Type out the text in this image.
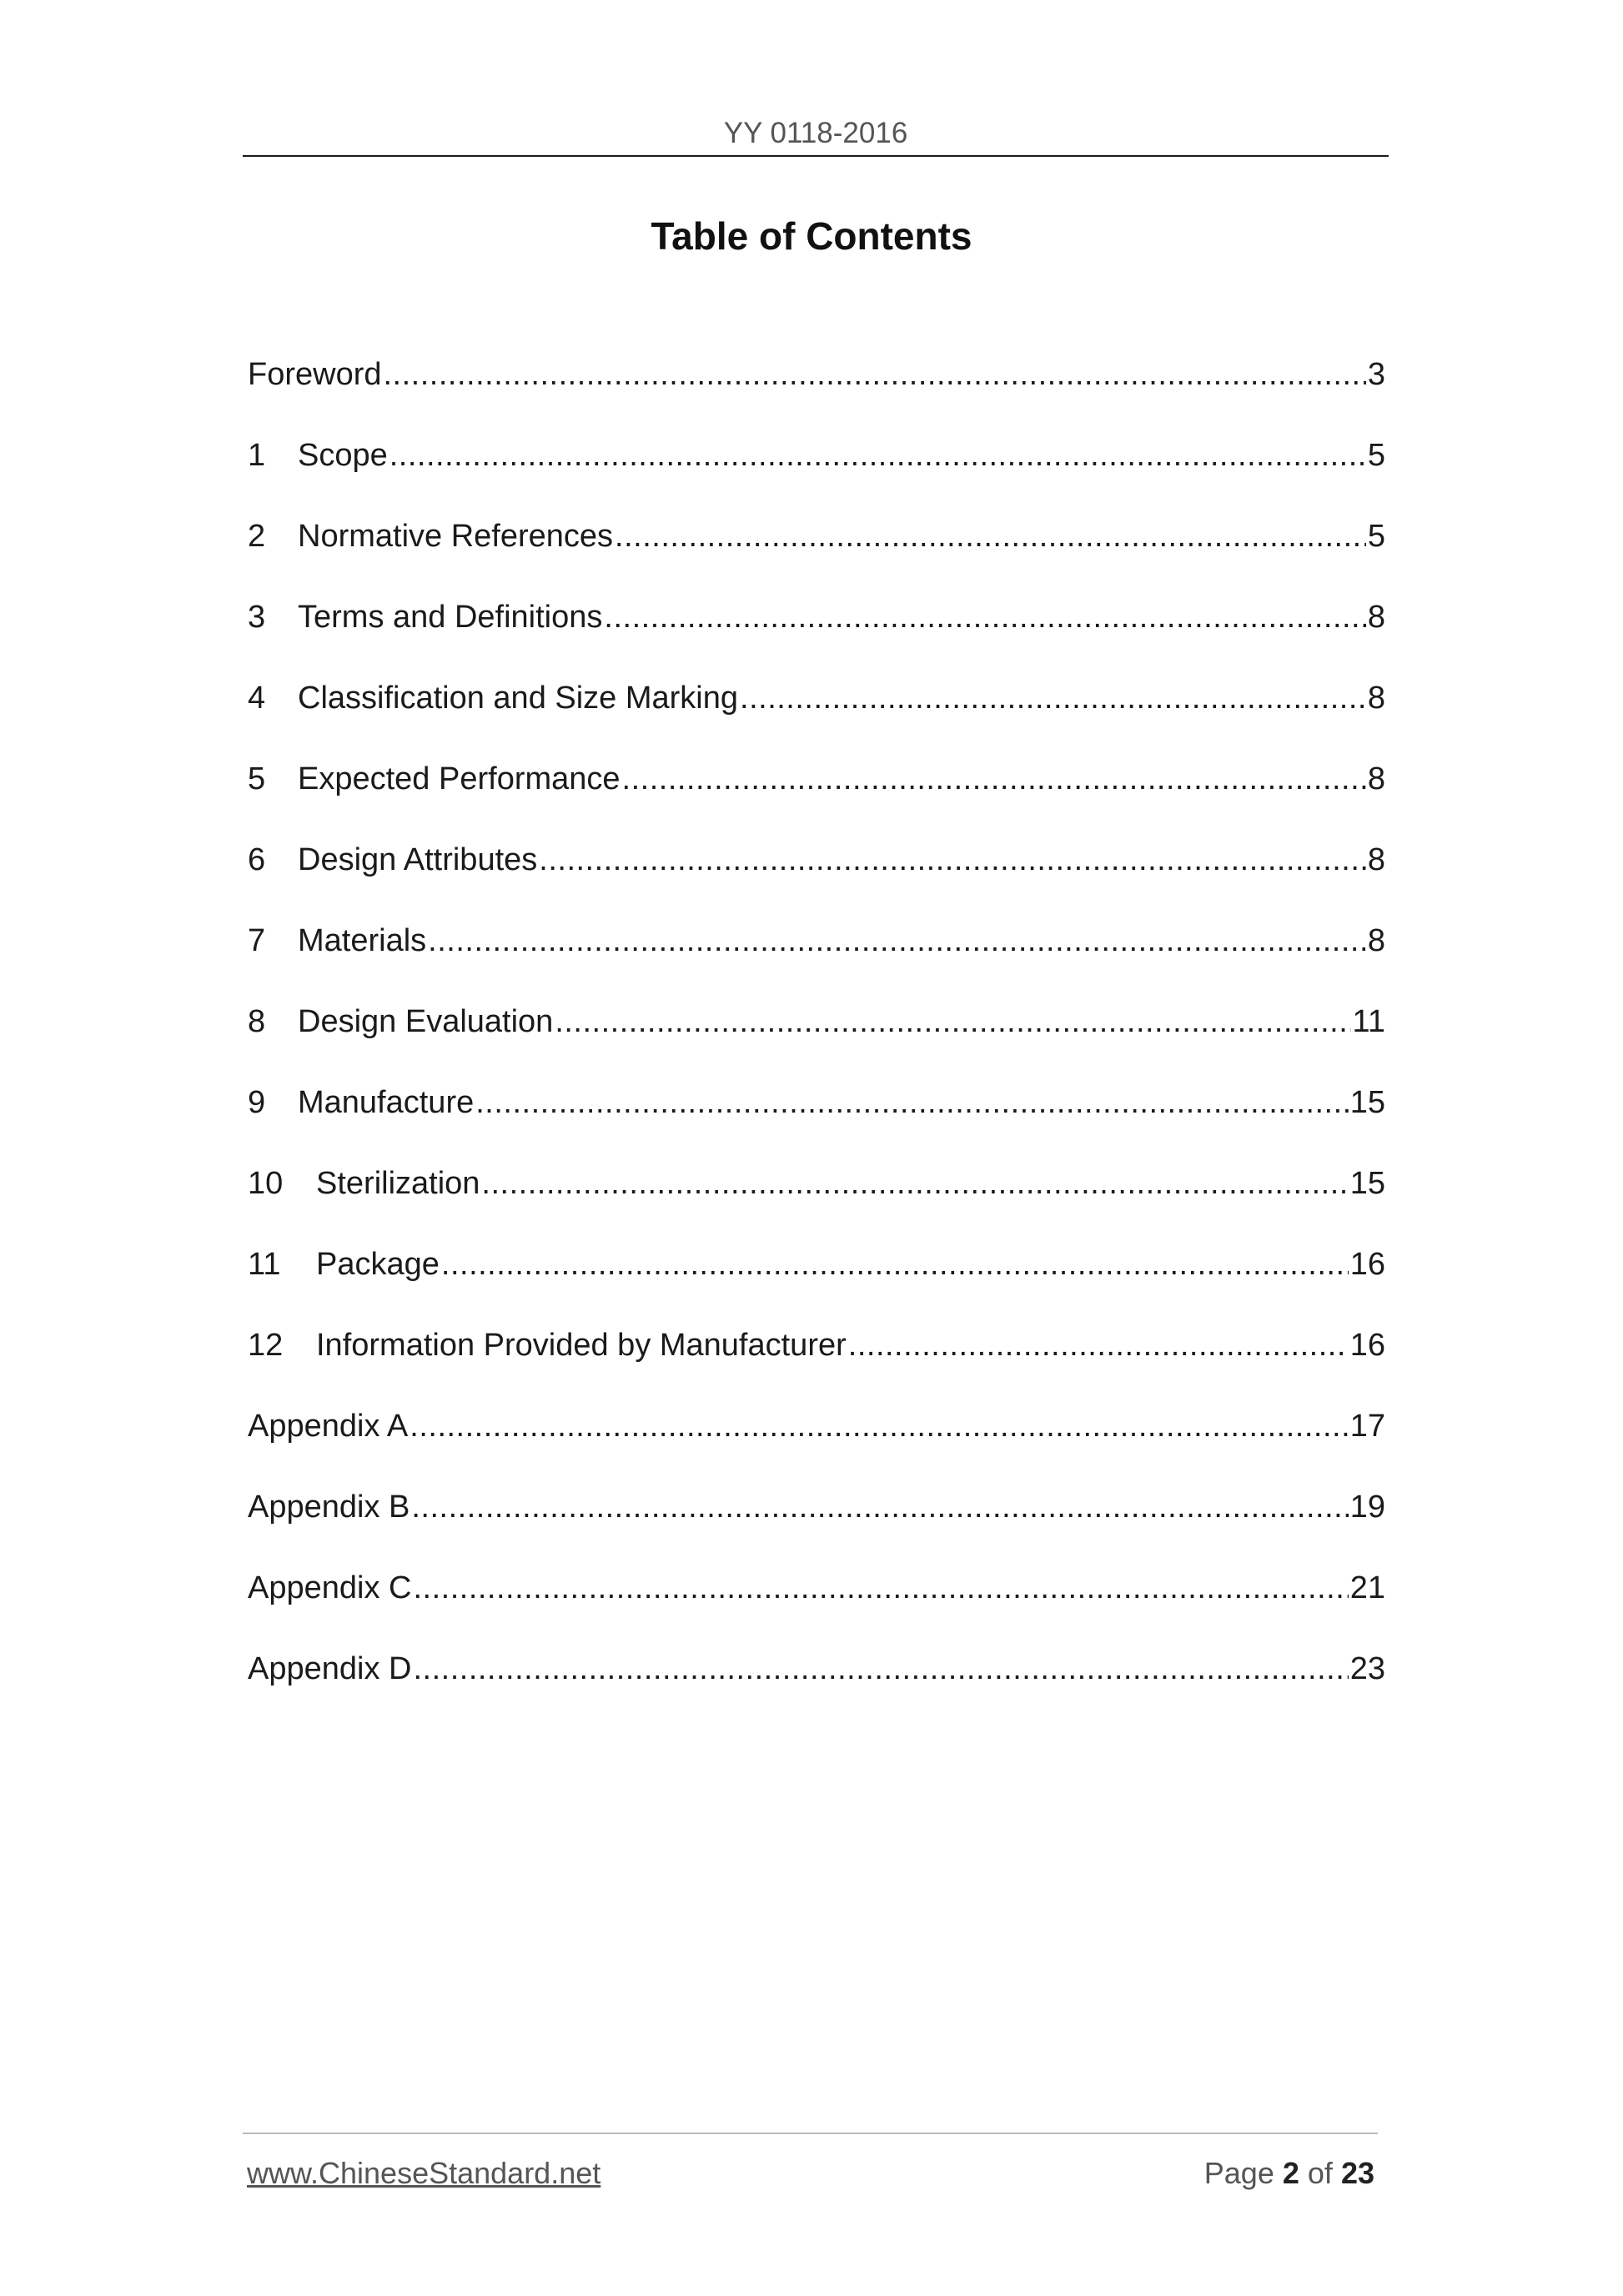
YY 0118-2016
Table of Contents
Foreword .....	3
1	Scope .....	5
2	Normative References .....	5
3	Terms and Definitions .....	8
4	Classification and Size Marking .....	8
5	Expected Performance .....	8
6	Design Attributes .....	8
7	Materials .....	8
8	Design Evaluation .....	11
9	Manufacture .....	15
10	Sterilization .....	15
11	Package .....	16
12	Information Provided by Manufacturer .....	16
Appendix A .....	17
Appendix B .....	19
Appendix C .....	21
Appendix D .....	23
www.ChineseStandard.net	Page 2 of 23
